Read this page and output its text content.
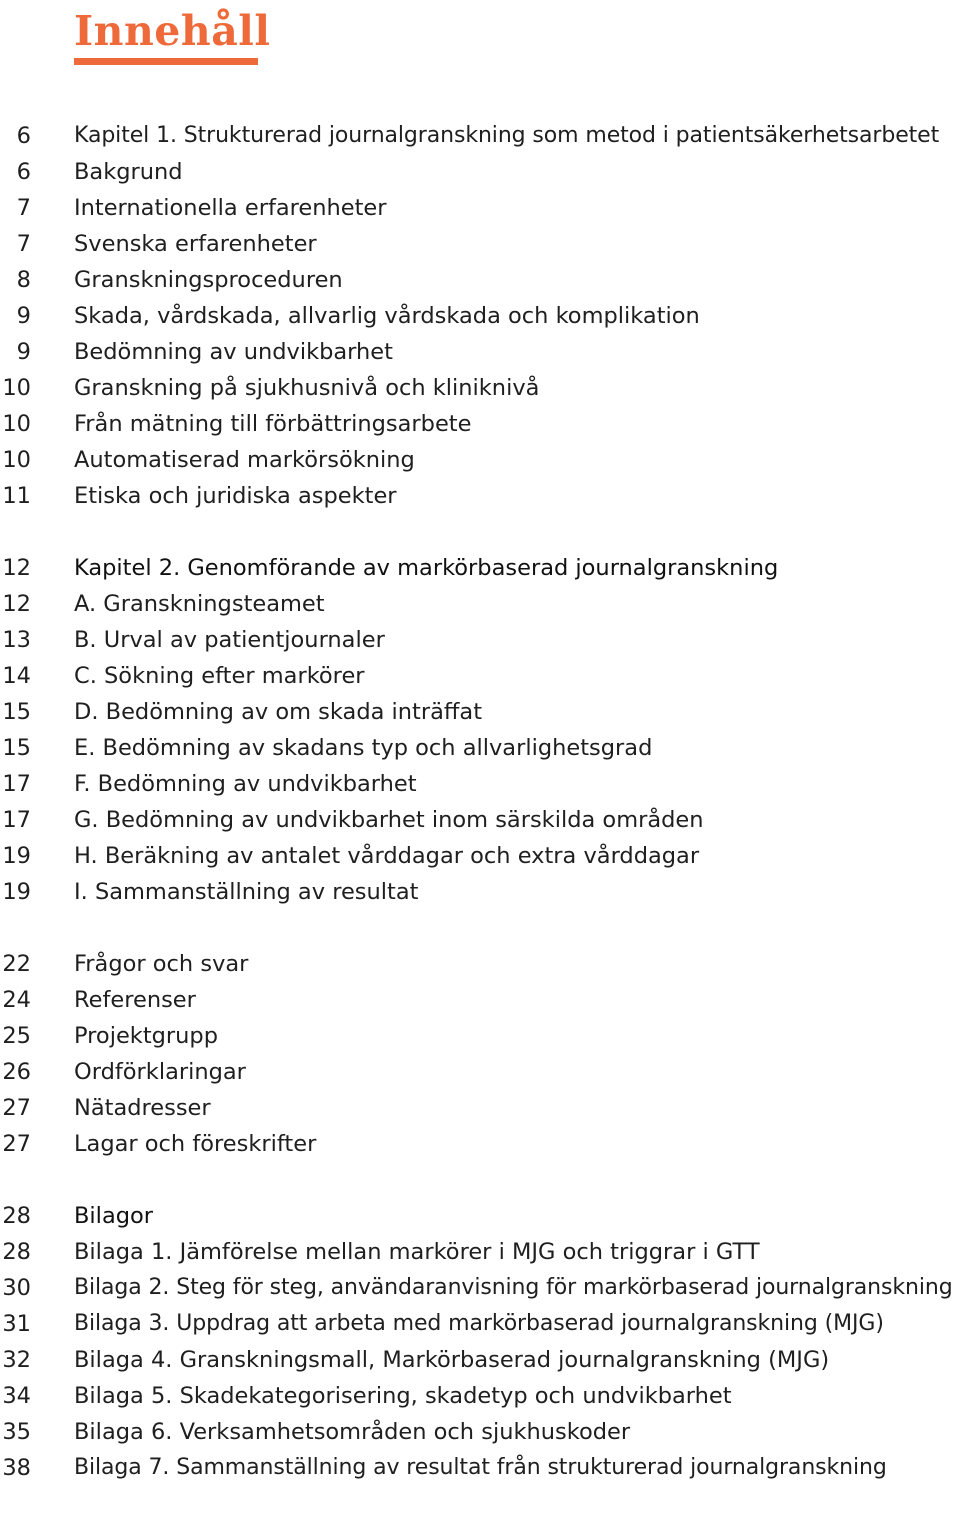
Innehåll
6 Kapitel 1. Strukturerad journalgranskning som metod i patientsäkerhetsarbetet
6 Bakgrund
7 Internationella erfarenheter
7 Svenska erfarenheter
8 Granskningsproceduren
9 Skada, vårdskada, allvarlig vårdskada och komplikation
9 Bedömning av undvikbarhet
10 Granskning på sjukhusnivå och kliniknivå
10 Från mätning till förbättringsarbete
10 Automatiserad markörsökning
11 Etiska och juridiska aspekter
12 Kapitel 2. Genomförande av markörbaserad journalgranskning
12 A. Granskningsteamet
13 B. Urval av patientjournaler
14 C. Sökning efter markörer
15 D. Bedömning av om skada inträffat
15 E. Bedömning av skadans typ och allvarlighetsgrad
17 F. Bedömning av undvikbarhet
17 G. Bedömning av undvikbarhet inom särskilda områden
19 H. Beräkning av antalet vårddagar och extra vårddagar
19 I. Sammanställning av resultat
22 Frågor och svar
24 Referenser
25 Projektgrupp
26 Ordförklaringar
27 Nätadresser
27 Lagar och föreskrifter
28 Bilagor
28 Bilaga 1. Jämförelse mellan markörer i MJG och triggrar i GTT
30 Bilaga 2. Steg för steg, användaranvisning för markörbaserad journalgranskning
31 Bilaga 3. Uppdrag att arbeta med markörbaserad journalgranskning (MJG)
32 Bilaga 4. Granskningsmall, Markörbaserad journalgranskning (MJG)
34 Bilaga 5. Skadekategorisering, skadetyp och undvikbarhet
35 Bilaga 6. Verksamhetsområden och sjukhuskoder
38 Bilaga 7. Sammanställning av resultat från strukturerad journalgranskning
